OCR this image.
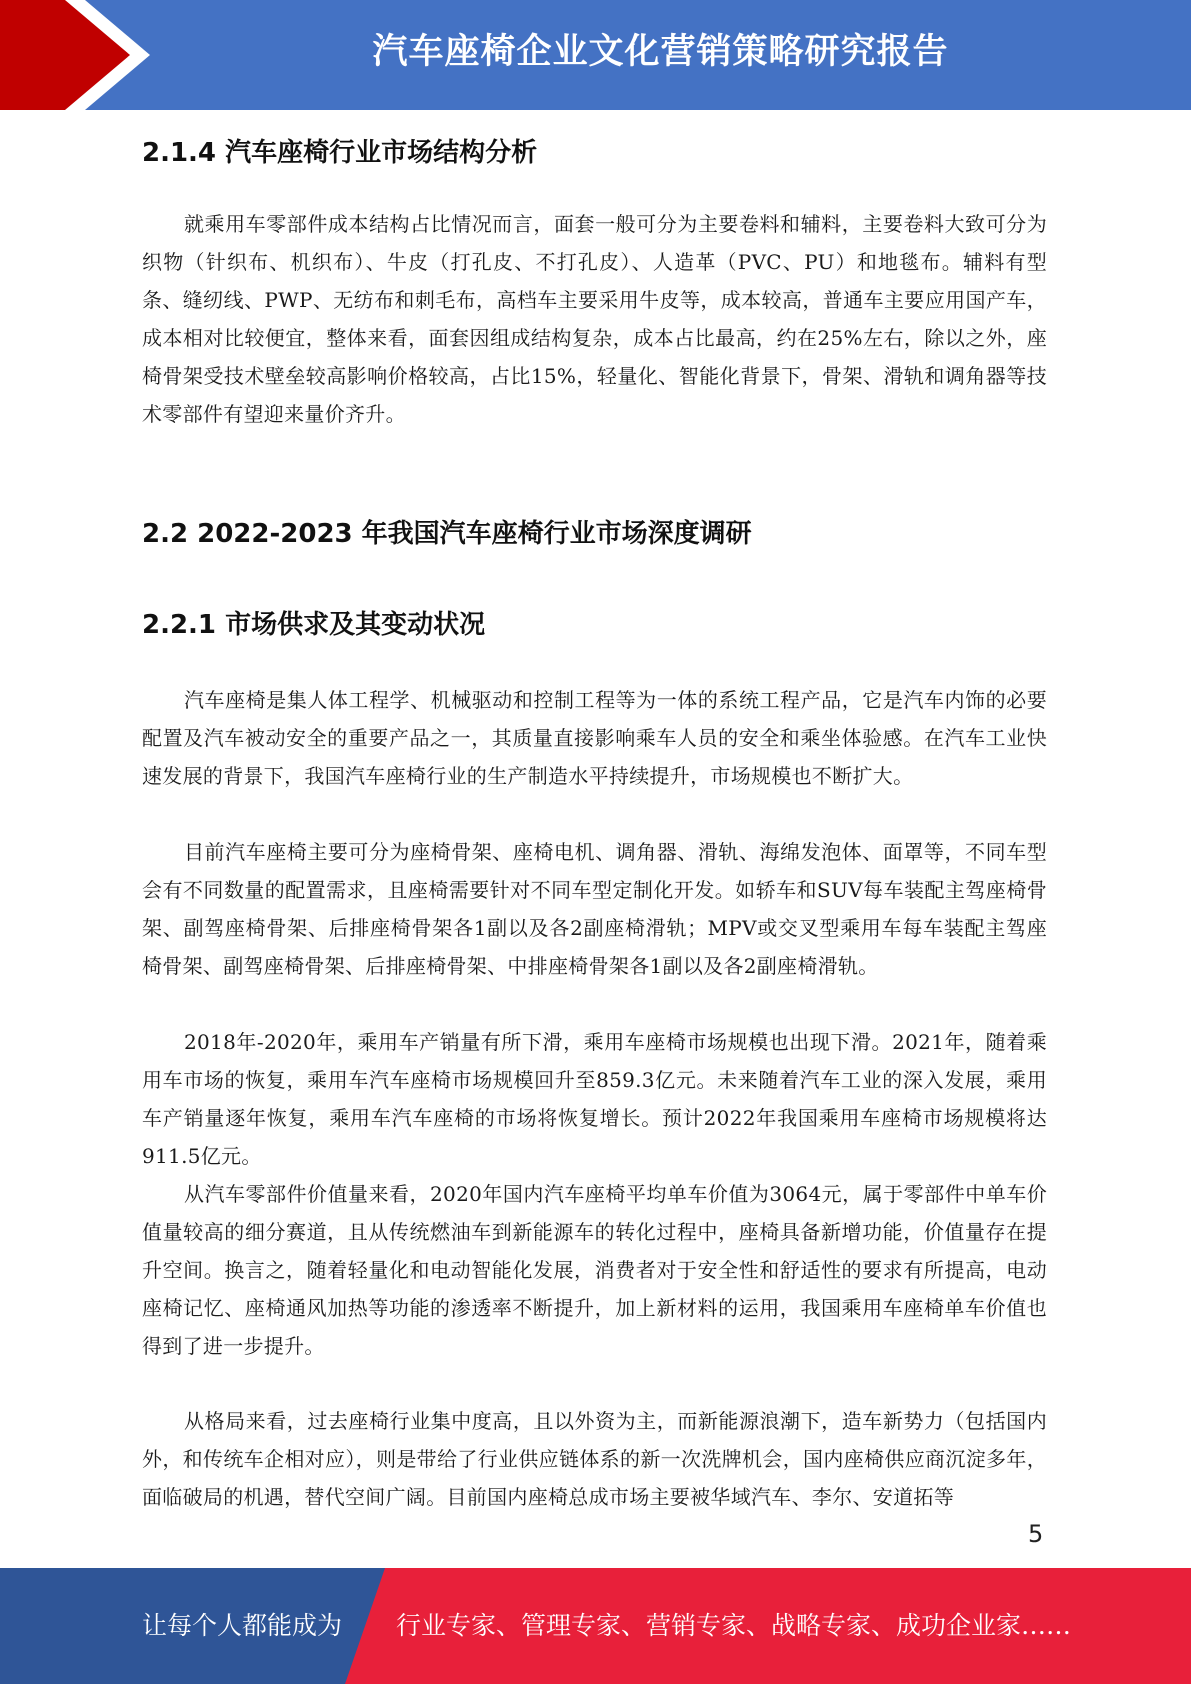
汽车座椅企业文化营销策略研究报告
2.1.4 汽车座椅行业市场结构分析

就乘用车零部件成本结构占比情况而言，面套一般可分为主要卷料和辅料，主要卷料大致可分为织物（针织布、机织布）、牛皮（打孔皮、不打孔皮）、人造革（PVC、PU）和地毯布。辅料有型条、缝纫线、PWP、无纺布和刺毛布，高档车主要采用牛皮等，成本较高，普通车主要应用国产车，成本相对比较便宜，整体来看，面套因组成结构复杂，成本占比最高，约在25%左右，除以之外，座椅骨架受技术壁垒较高影响价格较高，占比15%，轻量化、智能化背景下，骨架、滑轨和调角器等技术零部件有望迎来量价齐升。

2.2 2022-2023 年我国汽车座椅行业市场深度调研
2.2.1 市场供求及其变动状况

汽车座椅是集人体工程学、机械驱动和控制工程等为一体的系统工程产品，它是汽车内饰的必要配置及汽车被动安全的重要产品之一，其质量直接影响乘车人员的安全和乘坐体验感。在汽车工业快速发展的背景下，我国汽车座椅行业的生产制造水平持续提升，市场规模也不断扩大。

目前汽车座椅主要可分为座椅骨架、座椅电机、调角器、滑轨、海绵发泡体、面罩等，不同车型会有不同数量的配置需求，且座椅需要针对不同车型定制化开发。如轿车和SUV每车装配主驾座椅骨架、副驾座椅骨架、后排座椅骨架各1副以及各2副座椅滑轨；MPV或交叉型乘用车每车装配主驾座椅骨架、副驾座椅骨架、后排座椅骨架、中排座椅骨架各1副以及各2副座椅滑轨。

2018年-2020年，乘用车产销量有所下滑，乘用车座椅市场规模也出现下滑。2021年，随着乘用车市场的恢复，乘用车汽车座椅市场规模回升至859.3亿元。未来随着汽车工业的深入发展，乘用车产销量逐年恢复，乘用车汽车座椅的市场将恢复增长。预计2022年我国乘用车座椅市场规模将达911.5亿元。

从汽车零部件价值量来看，2020年国内汽车座椅平均单车价值为3064元，属于零部件中单车价值量较高的细分赛道，且从传统燃油车到新能源车的转化过程中，座椅具备新增功能，价值量存在提升空间。换言之，随着轻量化和电动智能化发展，消费者对于安全性和舒适性的要求有所提高，电动座椅记忆、座椅通风加热等功能的渗透率不断提升，加上新材料的运用，我国乘用车座椅单车价值也得到了进一步提升。

从格局来看，过去座椅行业集中度高，且以外资为主，而新能源浪潮下，造车新势力（包括国内外，和传统车企相对应），则是带给了行业供应链体系的新一次洗牌机会，国内座椅供应商沉淀多年，面临破局的机遇，替代空间广阔。目前国内座椅总成市场主要被华域汽车、李尔、安道拓等

5
让每个人都能成为 行业专家、管理专家、营销专家、战略专家、成功企业家……
